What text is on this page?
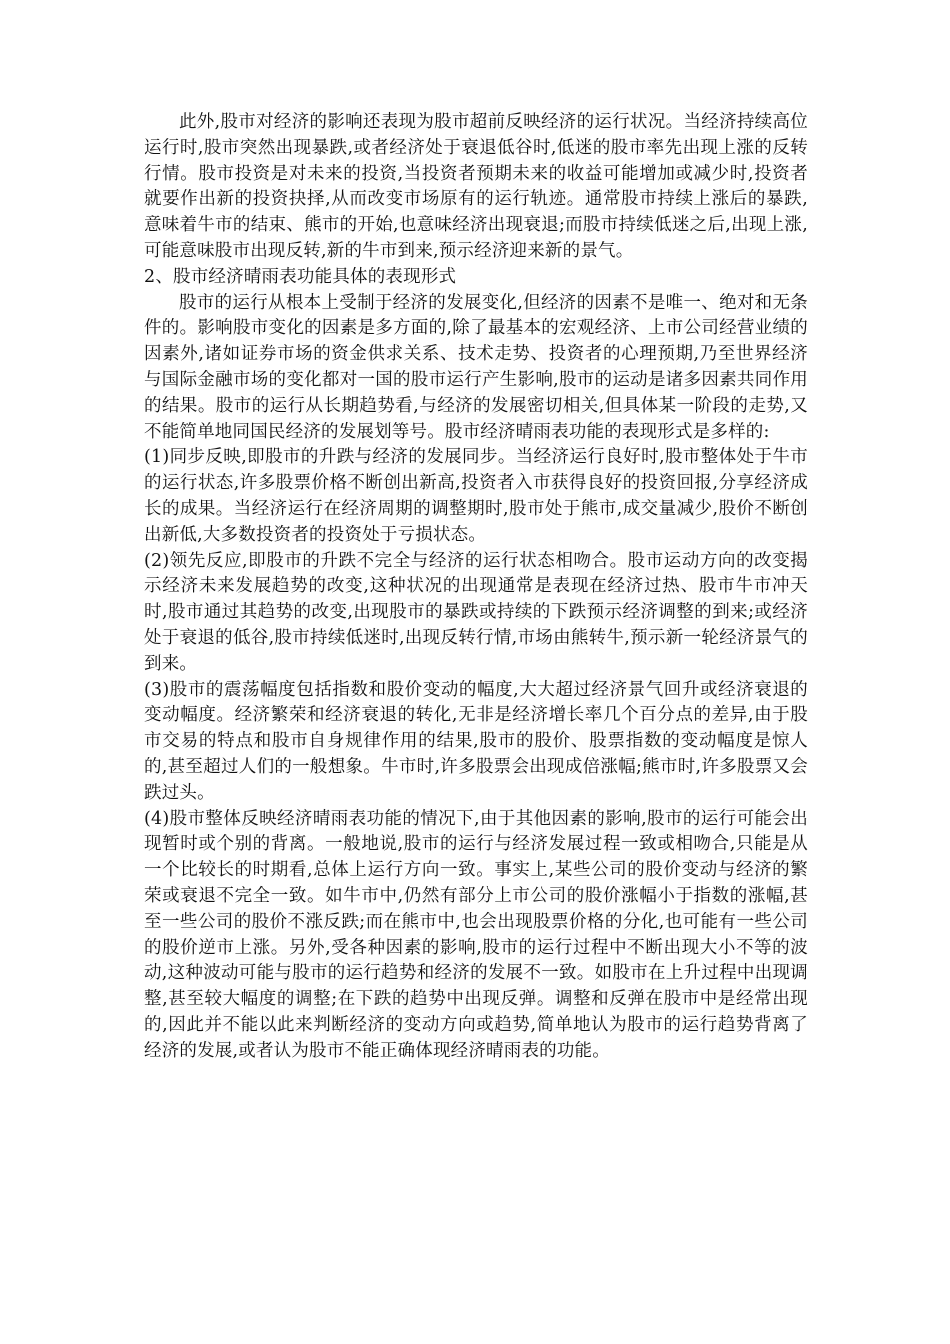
此外,股市对经济的影响还表现为股市超前反映经济的运行状况。当经济持续高位运行时,股市突然出现暴跌,或者经济处于衰退低谷时,低迷的股市率先出现上涨的反转行情。股市投资是对未来的投资,当投资者预期未来的收益可能增加或减少时,投资者就要作出新的投资抉择,从而改变市场原有的运行轨迹。通常股市持续上涨后的暴跌,意味着牛市的结束、熊市的开始,也意味经济出现衰退;而股市持续低迷之后,出现上涨,可能意味股市出现反转,新的牛市到来,预示经济迎来新的景气。

2、股市经济晴雨表功能具体的表现形式

股市的运行从根本上受制于经济的发展变化,但经济的因素不是唯一、绝对和无条件的。影响股市变化的因素是多方面的,除了最基本的宏观经济、上市公司经营业绩的因素外,诸如证券市场的资金供求关系、技术走势、投资者的心理预期,乃至世界经济与国际金融市场的变化都对一国的股市运行产生影响,股市的运动是诸多因素共同作用的结果。股市的运行从长期趋势看,与经济的发展密切相关,但具体某一阶段的走势,又不能简单地同国民经济的发展划等号。股市经济晴雨表功能的表现形式是多样的:

(1)同步反映,即股市的升跌与经济的发展同步。当经济运行良好时,股市整体处于牛市的运行状态,许多股票价格不断创出新高,投资者入市获得良好的投资回报,分享经济成长的成果。当经济运行在经济周期的调整期时,股市处于熊市,成交量减少,股价不断创出新低,大多数投资者的投资处于亏损状态。

(2)领先反应,即股市的升跌不完全与经济的运行状态相吻合。股市运动方向的改变揭示经济未来发展趋势的改变,这种状况的出现通常是表现在经济过热、股市牛市冲天时,股市通过其趋势的改变,出现股市的暴跌或持续的下跌预示经济调整的到来;或经济处于衰退的低谷,股市持续低迷时,出现反转行情,市场由熊转牛,预示新一轮经济景气的到来。

(3)股市的震荡幅度包括指数和股价变动的幅度,大大超过经济景气回升或经济衰退的变动幅度。经济繁荣和经济衰退的转化,无非是经济增长率几个百分点的差异,由于股市交易的特点和股市自身规律作用的结果,股市的股价、股票指数的变动幅度是惊人的,甚至超过人们的一般想象。牛市时,许多股票会出现成倍涨幅;熊市时,许多股票又会跌过头。

(4)股市整体反映经济晴雨表功能的情况下,由于其他因素的影响,股市的运行可能会出现暂时或个别的背离。一般地说,股市的运行与经济发展过程一致或相吻合,只能是从一个比较长的时期看,总体上运行方向一致。事实上,某些公司的股价变动与经济的繁荣或衰退不完全一致。如牛市中,仍然有部分上市公司的股价涨幅小于指数的涨幅,甚至一些公司的股价不涨反跌;而在熊市中,也会出现股票价格的分化,也可能有一些公司的股价逆市上涨。另外,受各种因素的影响,股市的运行过程中不断出现大小不等的波动,这种波动可能与股市的运行趋势和经济的发展不一致。如股市在上升过程中出现调整,甚至较大幅度的调整;在下跌的趋势中出现反弹。调整和反弹在股市中是经常出现的,因此并不能以此来判断经济的变动方向或趋势,简单地认为股市的运行趋势背离了经济的发展,或者认为股市不能正确体现经济晴雨表的功能。
